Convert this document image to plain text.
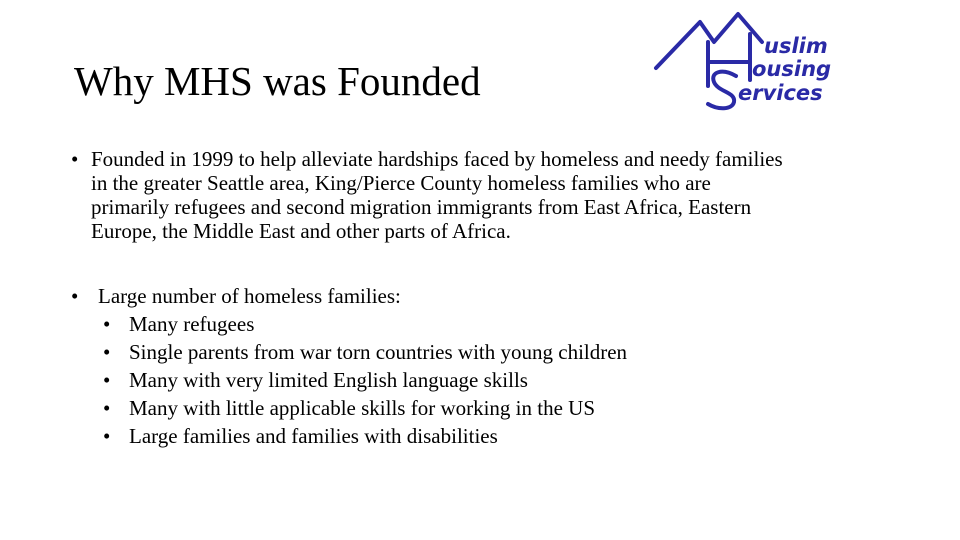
Why MHS was Founded
uslim
ousing
ervices
• Founded in 1999 to help alleviate hardships faced by homeless and needy families
in the greater Seattle area, King/Pierce County homeless families who are
primarily refugees and second migration immigrants from East Africa, Eastern
Europe, the Middle East and other parts of Africa.
• Large number of homeless families:
• Many refugees
• Single parents from war torn countries with young children
• Many with very limited English language skills
• Many with little applicable skills for working in the US
• Large families and families with disabilities
